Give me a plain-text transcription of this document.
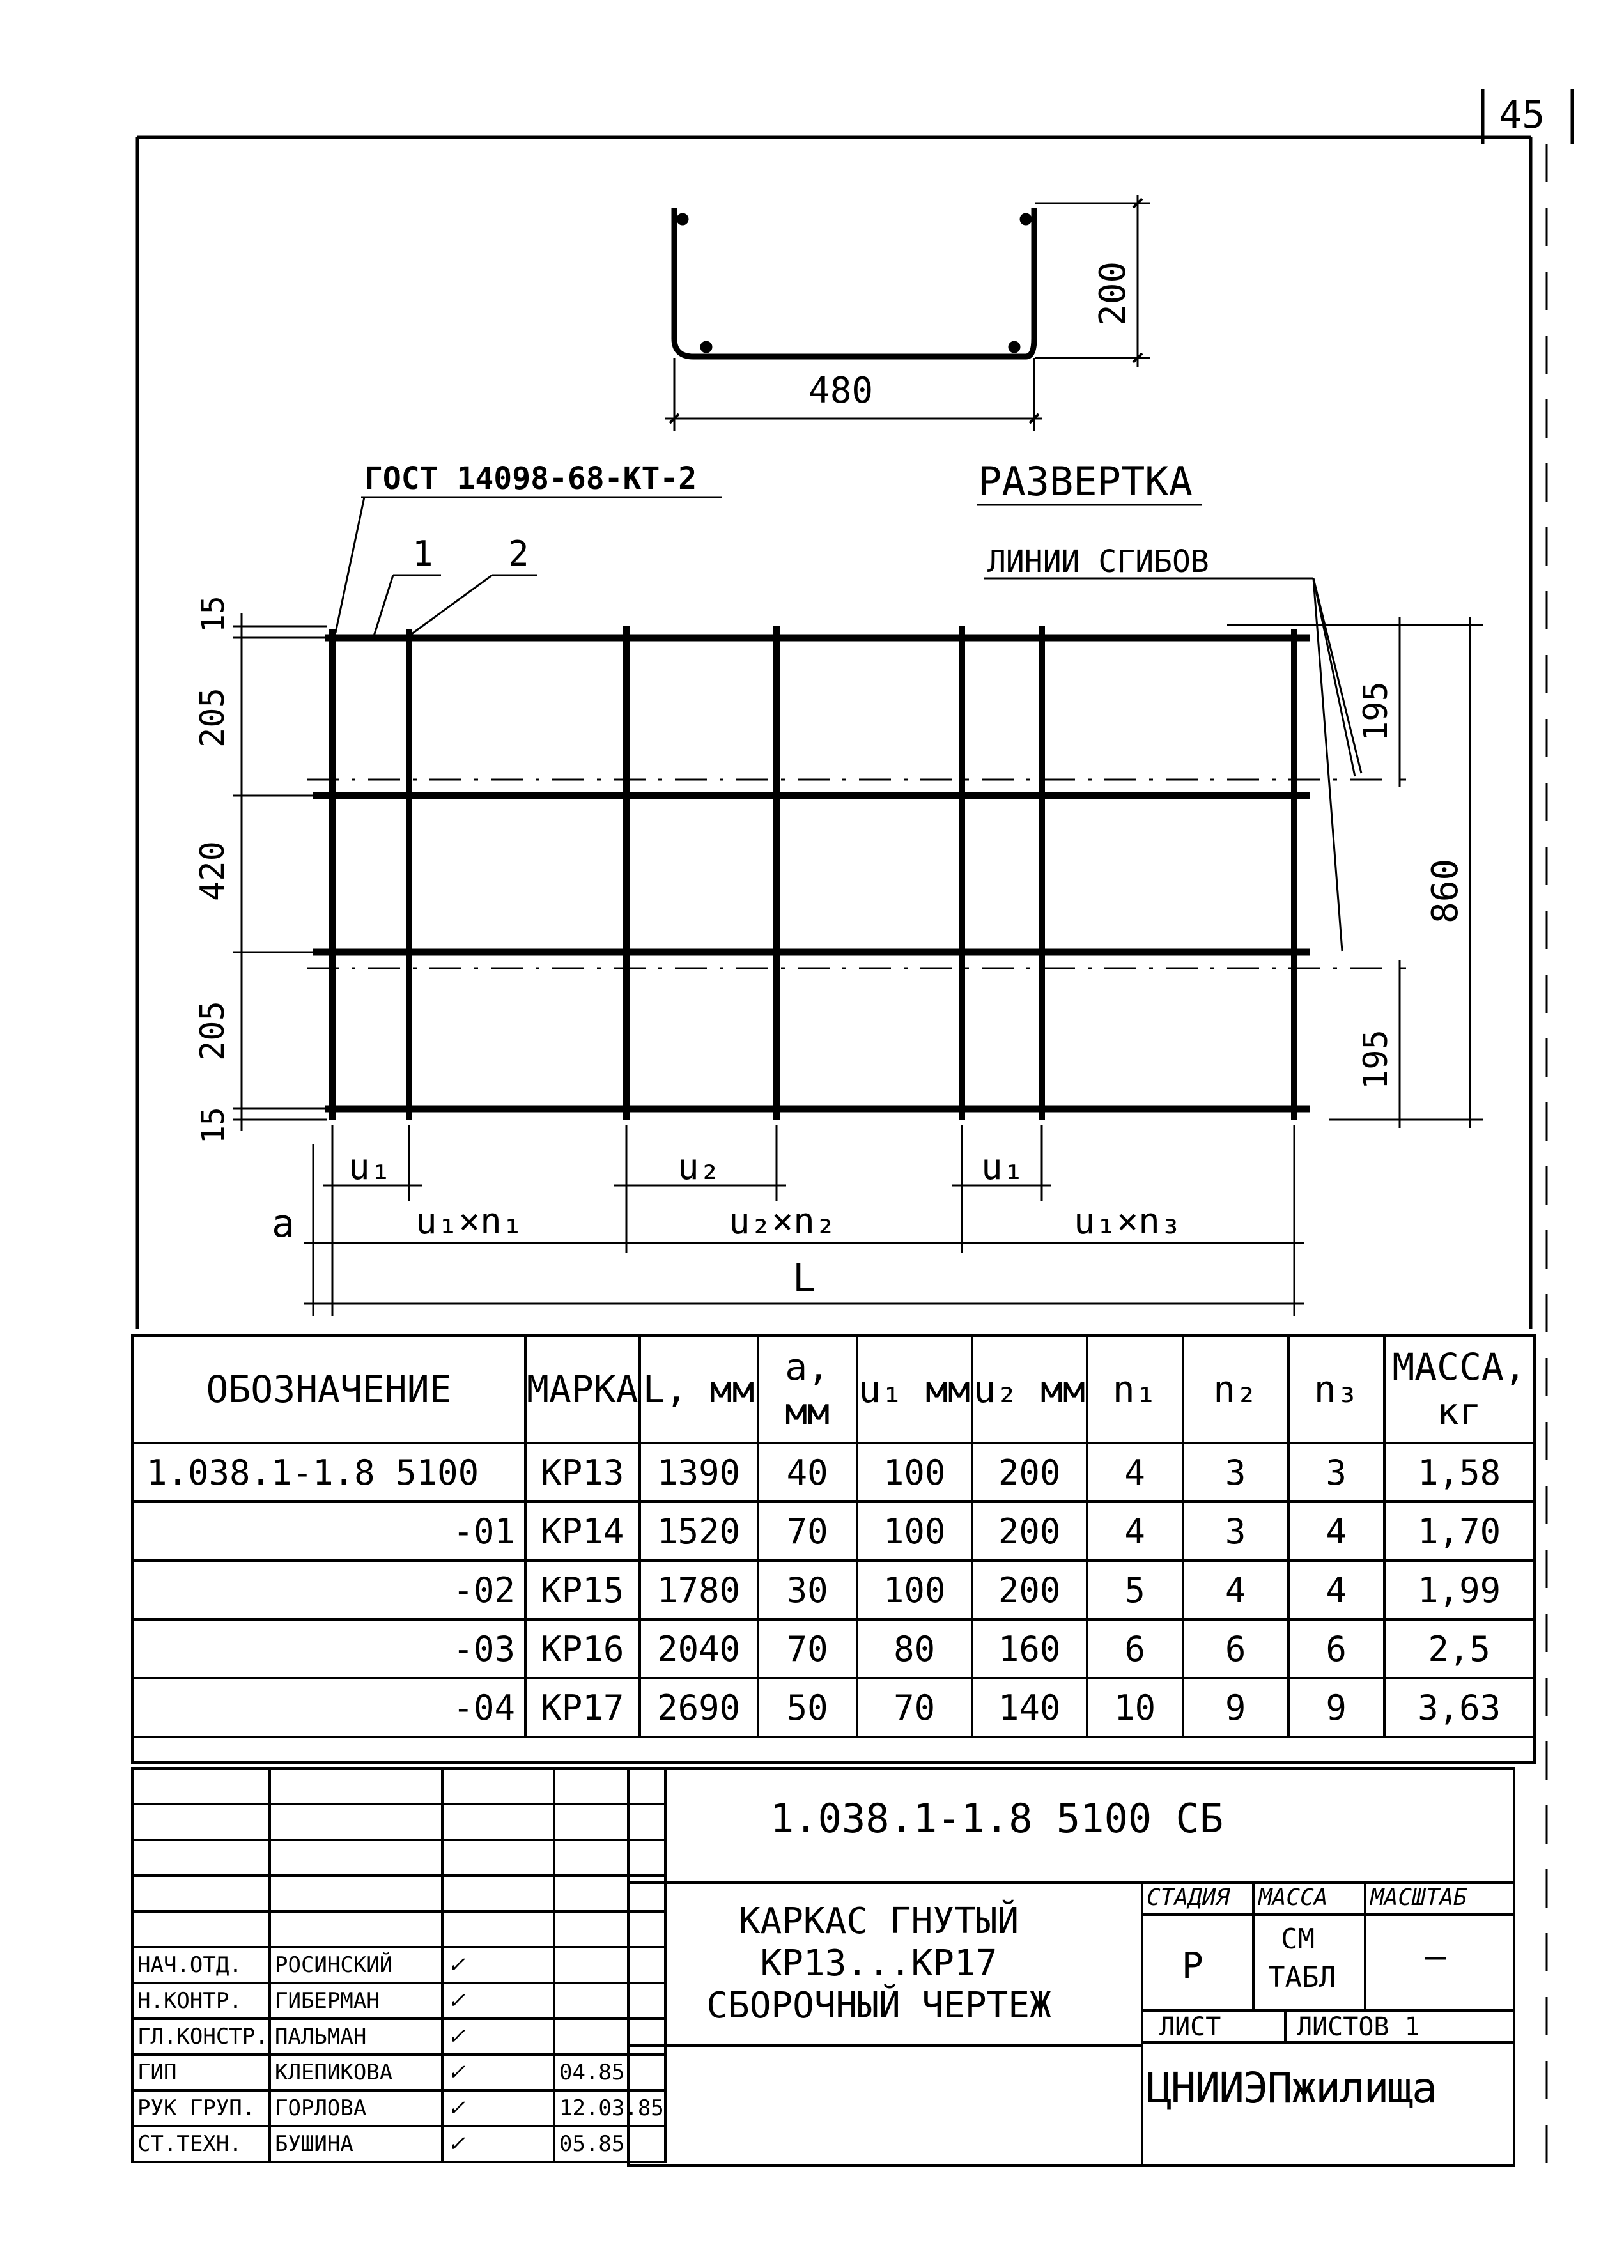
45
480
200
РАЗВЕРТКА
ГОСТ 14098-68-КТ-2
ЛИНИИ СГИБОВ
1 2
15
205
420
205
15
195
860
195
a
u₁	u₂	u₁
u₁×n₁	u₂×n₂	u₁×n₃
L
ОБОЗНАЧЕНИЕ	МАРКА	L, мм	a, мм	u₁ мм	u₂ мм	n₁	n₂	n₃	МАССА, кг
1.038.1-1.8 5100	КР13	1390	40	100	200	4	3	3	1,58
-01	КР14	1520	70	100	200	4	3	4	1,70
-02	КР15	1780	30	100	200	5	4	4	1,99
-03	КР16	2040	70	80	160	6	6	6	2,5
-04	КР17	2690	50	70	140	10	9	9	3,63

НАЧ.ОТД.	РОСИНСКИЙ	✓	
Н.КОНТР.	ГИБЕРМАН	✓	
ГЛ.КОНСТР.	ПАЛЬМАН	✓	
ГИП	КЛЕПИКОВА	✓	04.85
РУК ГРУП.	ГОРЛОВА	✓	12.03.85
СТ.ТЕХН.	БУШИНА	✓	05.85
1.038.1-1.8 5100 СБ
КАРКАС ГНУТЫЙ
КР13...КР17
СБОРОЧНЫЙ ЧЕРТЕЖ
СТАДИЯ МАССА МАСШТАБ
Р
СМ
ТАБЛ
—
ЛИСТ	ЛИСТОВ 1
ЦНИИЭПжилища
